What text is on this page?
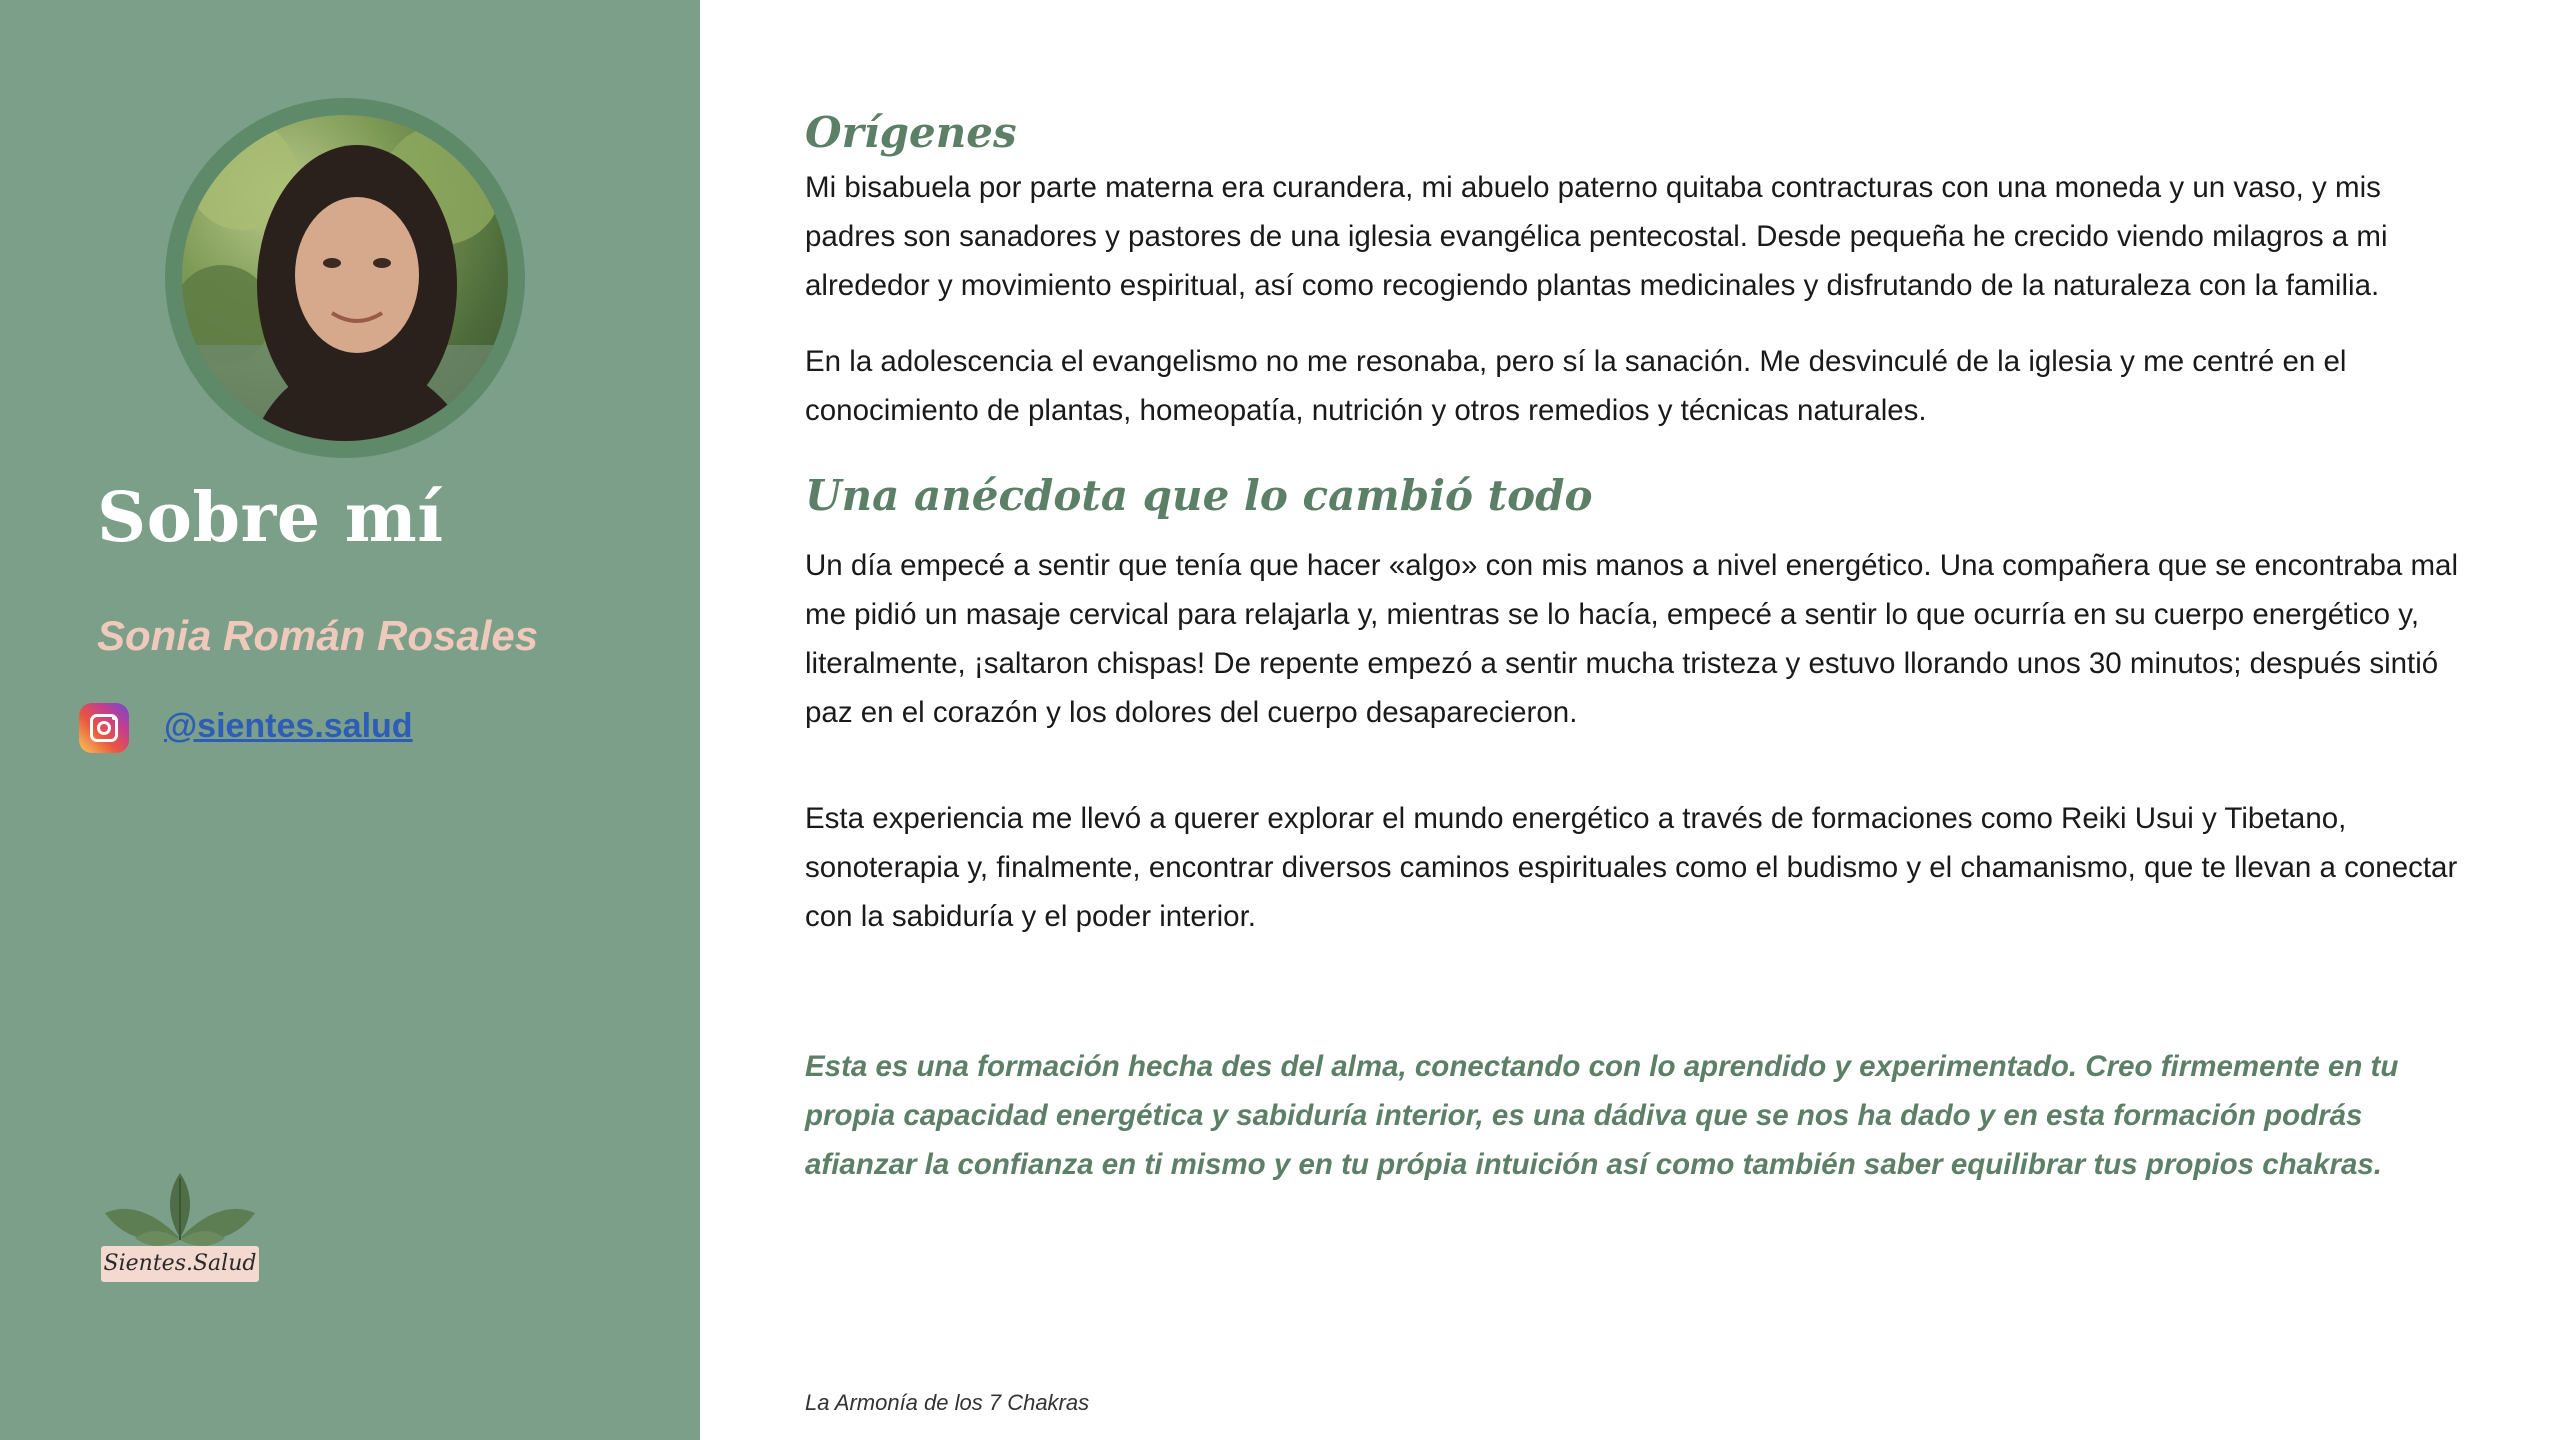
Sobre mí
Sonia Román Rosales
@sientes.salud
Sientes.Salud
Orígenes

Mi bisabuela por parte materna era curandera, mi abuelo paterno quitaba contracturas con una moneda y un vaso, y mis padres son sanadores y pastores de una iglesia evangélica pentecostal. Desde pequeña he crecido viendo milagros a mi alrededor y movimiento espiritual, así como recogiendo plantas medicinales y disfrutando de la naturaleza con la familia.

En la adolescencia el evangelismo no me resonaba, pero sí la sanación. Me desvinculé de la iglesia y me centré en el conocimiento de plantas, homeopatía, nutrición y otros remedios y técnicas naturales.

Una anécdota que lo cambió todo

Un día empecé a sentir que tenía que hacer «algo» con mis manos a nivel energético. Una compañera que se encontraba mal me pidió un masaje cervical para relajarla y, mientras se lo hacía, empecé a sentir lo que ocurría en su cuerpo energético y, literalmente, ¡saltaron chispas! De repente empezó a sentir mucha tristeza y estuvo llorando unos 30 minutos; después sintió paz en el corazón y los dolores del cuerpo desaparecieron.

Esta experiencia me llevó a querer explorar el mundo energético a través de formaciones como Reiki Usui y Tibetano, sonoterapia y, finalmente, encontrar diversos caminos espirituales como el budismo y el chamanismo, que te llevan a conectar con la sabiduría y el poder interior.

Esta es una formación hecha des del alma, conectando con lo aprendido y experimentado. Creo firmemente en tu propia capacidad energética y sabiduría interior, es una dádiva que se nos ha dado y en esta formación podrás afianzar la confianza en ti mismo y en tu própia intuición así como también saber equilibrar tus propios chakras.

La Armonía de los 7 Chakras
